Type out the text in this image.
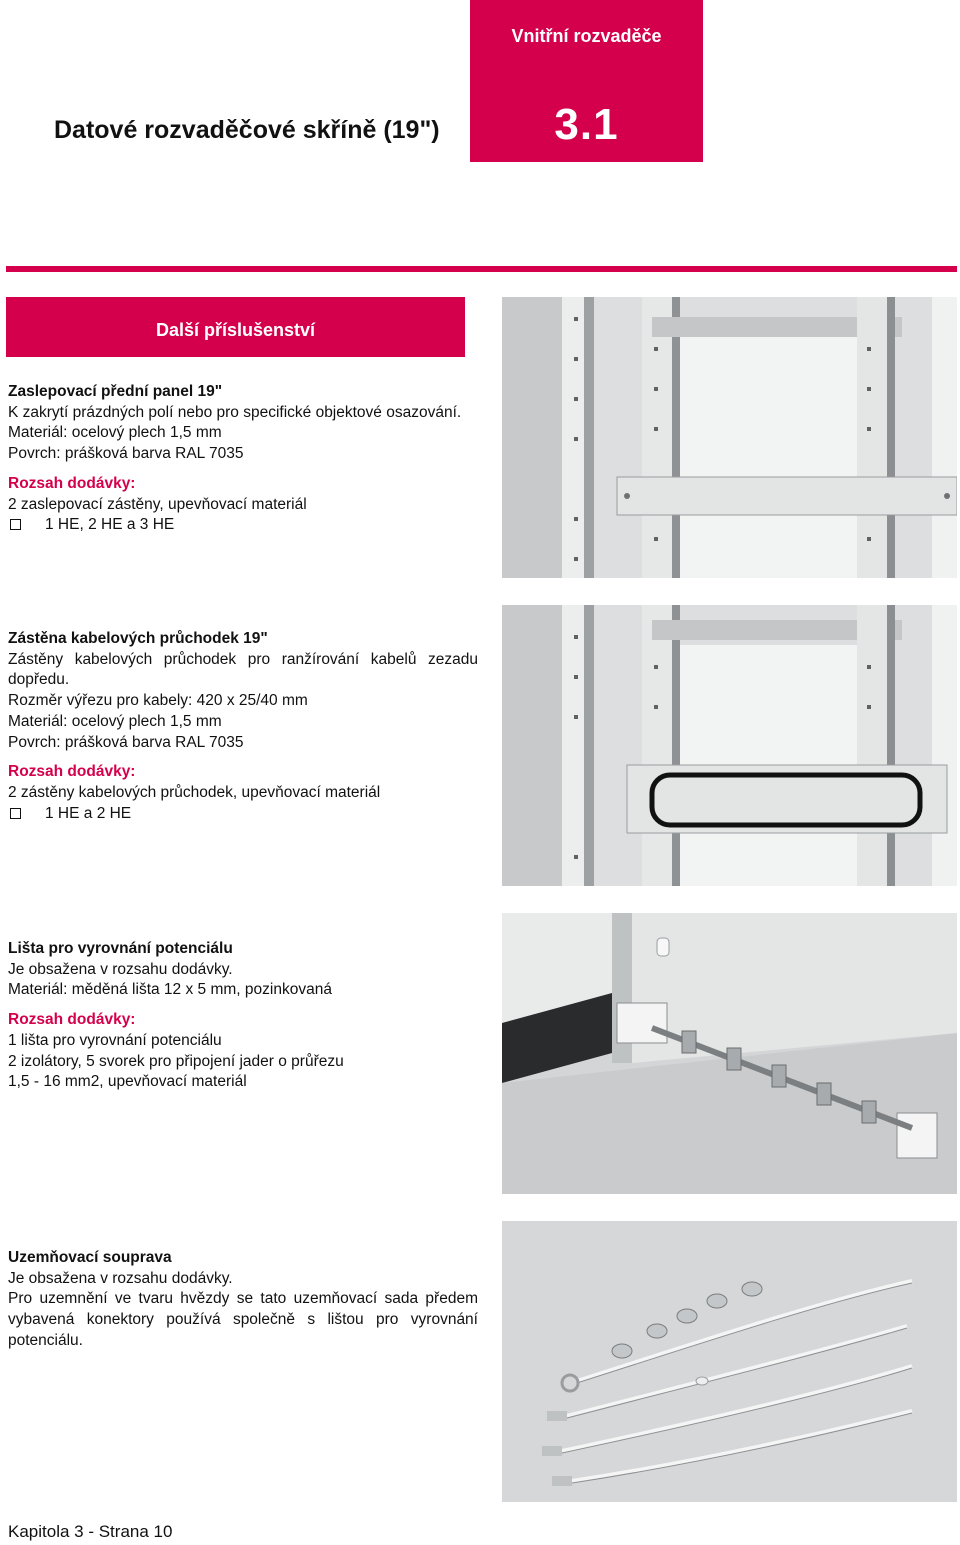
Vnitřní rozvaděče
3.1
Datové rozvaděčové skříně (19")
Další příslušenství

Zaslepovací přední panel 19"

K zakrytí prázdných polí nebo pro specifické objektové osazování.

Materiál: ocelový plech 1,5 mm

Povrch: prášková barva RAL 7035

Rozsah dodávky:

2 zaslepovací zástěny, upevňovací materiál

1 HE, 2 HE a 3 HE

Zástěna kabelových průchodek 19"

Zástěny kabelových průchodek pro ranžírování kabelů zezadu dopředu.

Rozměr výřezu pro kabely: 420 x 25/40 mm

Materiál: ocelový plech 1,5 mm

Povrch: prášková barva RAL 7035

Rozsah dodávky:

2 zástěny kabelových průchodek, upevňovací materiál

1 HE a 2 HE

Lišta pro vyrovnání potenciálu

Je obsažena v rozsahu dodávky.

Materiál: měděná lišta 12 x 5 mm, pozinkovaná

Rozsah dodávky:

1 lišta pro vyrovnání potenciálu

2 izolátory, 5 svorek pro připojení jader o průřezu

1,5 - 16 mm2, upevňovací materiál

Uzemňovací souprava

Je obsažena v rozsahu dodávky.

Pro uzemnění ve tvaru hvězdy se tato uzemňovací sada předem vybavená konektory používá společně s lištou pro vyrovnání potenciálu.

Kapitola 3 - Strana 10
